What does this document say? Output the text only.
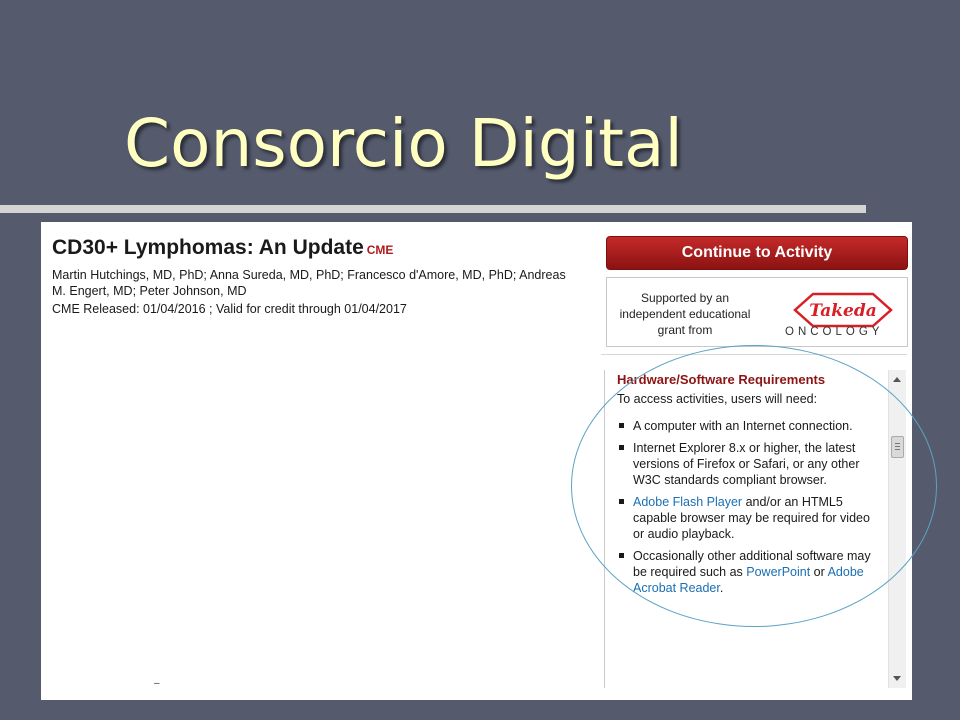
Consorcio Digital
CD30+ Lymphomas: An Update CME
Martin Hutchings, MD, PhD; Anna Sureda, MD, PhD; Francesco d'Amore, MD, PhD; Andreas M. Engert, MD; Peter Johnson, MD
CME Released: 01/04/2016 ; Valid for credit through 01/04/2017
–
Continue to Activity
Supported by an independent educational grant from
Takeda
ONCOLOGY
Hardware/Software Requirements
To access activities, users will need:
A computer with an Internet connection.
Internet Explorer 8.x or higher, the latest versions of Firefox or Safari, or any other W3C standards compliant browser.
Adobe Flash Player and/or an HTML5 capable browser may be required for video or audio playback.
Occasionally other additional software may be required such as PowerPoint or Adobe Acrobat Reader.
